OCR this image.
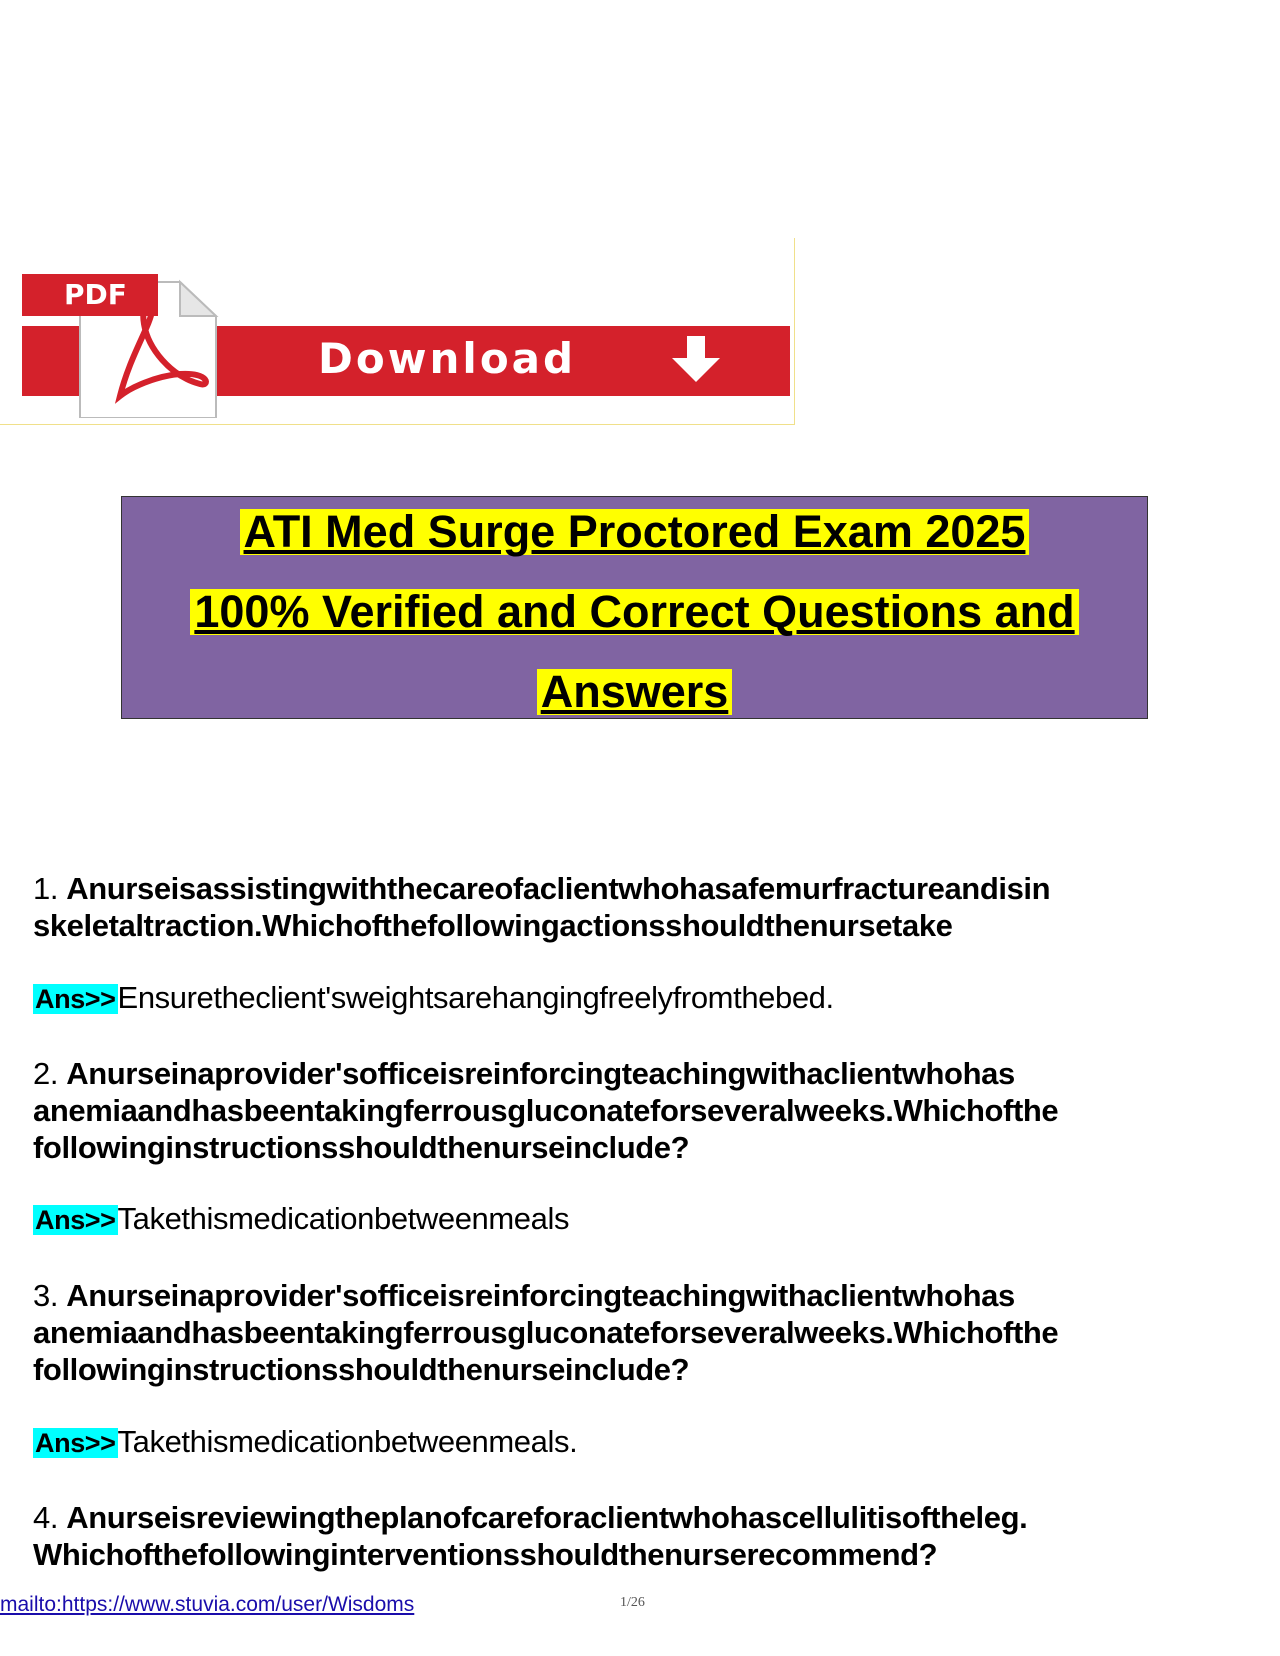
PDF
Download
ATI Med Surge Proctored Exam 2025
100% Verified and Correct Questions and
Answers
1. Anurseisassistingwiththecareofaclientwhohasafemurfractureandisin
skeletaltraction.Whichofthefollowingactionsshouldthenursetake
Ans>>Ensuretheclient'sweightsarehangingfreelyfromthebed.
2. Anurseinaprovider'sofficeisreinforcingteachingwithaclientwhohas
anemiaandhasbeentakingferrousgluconateforseveralweeks.Whichofthe
followinginstructionsshouldthenurseinclude?
Ans>>Takethismedicationbetweenmeals
3. Anurseinaprovider'sofficeisreinforcingteachingwithaclientwhohas
anemiaandhasbeentakingferrousgluconateforseveralweeks.Whichofthe
followinginstructionsshouldthenurseinclude?
Ans>>Takethismedicationbetweenmeals.
4. Anurseisreviewingtheplanofcareforaclientwhohascellulitisoftheleg.
Whichofthefollowinginterventionsshouldthenurserecommend?
mailto:https://www.stuvia.com/user/Wisdoms	1/26
